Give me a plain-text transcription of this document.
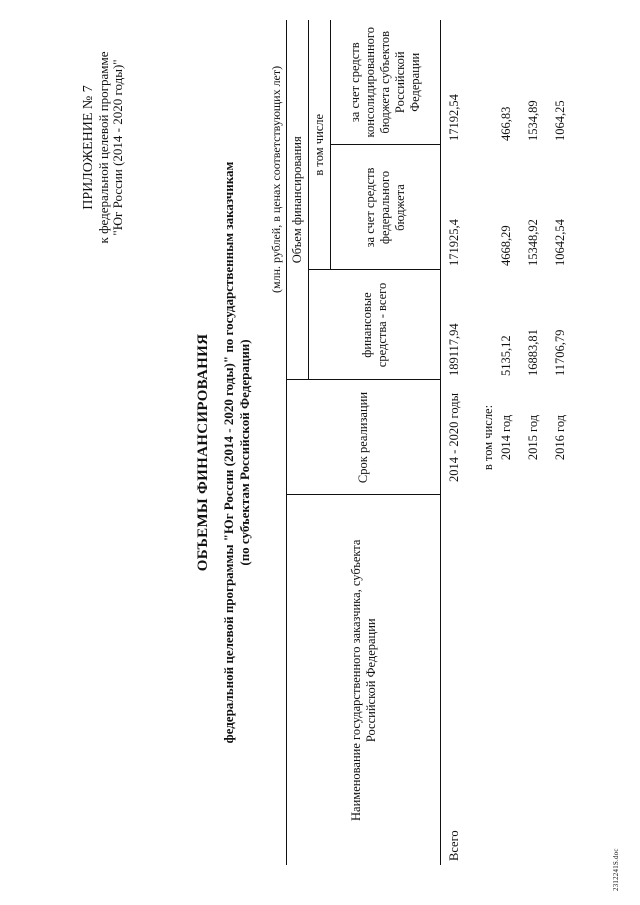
ПРИЛОЖЕНИЕ № 7 к федеральной целевой программе "Юг России (2014 - 2020 годы)"
ОБЪЕМЫ ФИНАНСИРОВАНИЯ федеральной целевой программы "Юг России (2014 - 2020 годы)" по государственным заказчикам (по субъектам Российской Федерации)
(млн. рублей, в ценах соответствующих лет)
Наименование государственного заказчика, субъекта Российской Федерации	Срок реализации	Объем финансирования		
		финансовые средства - всего	в том числе	
			за счет средств федерального бюджета	за счет средств консолидированного бюджета субъектов Российской Федерации
Всего	2014 - 2020 годы	189117,94	171925,4	17192,54
	в том числе:			
	2014 год	5135,12	4668,29	466,83
	2015 год	16883,81	15348,92	1534,89
	2016 год	11706,79	10642,54	1064,25
2312241S.doc
